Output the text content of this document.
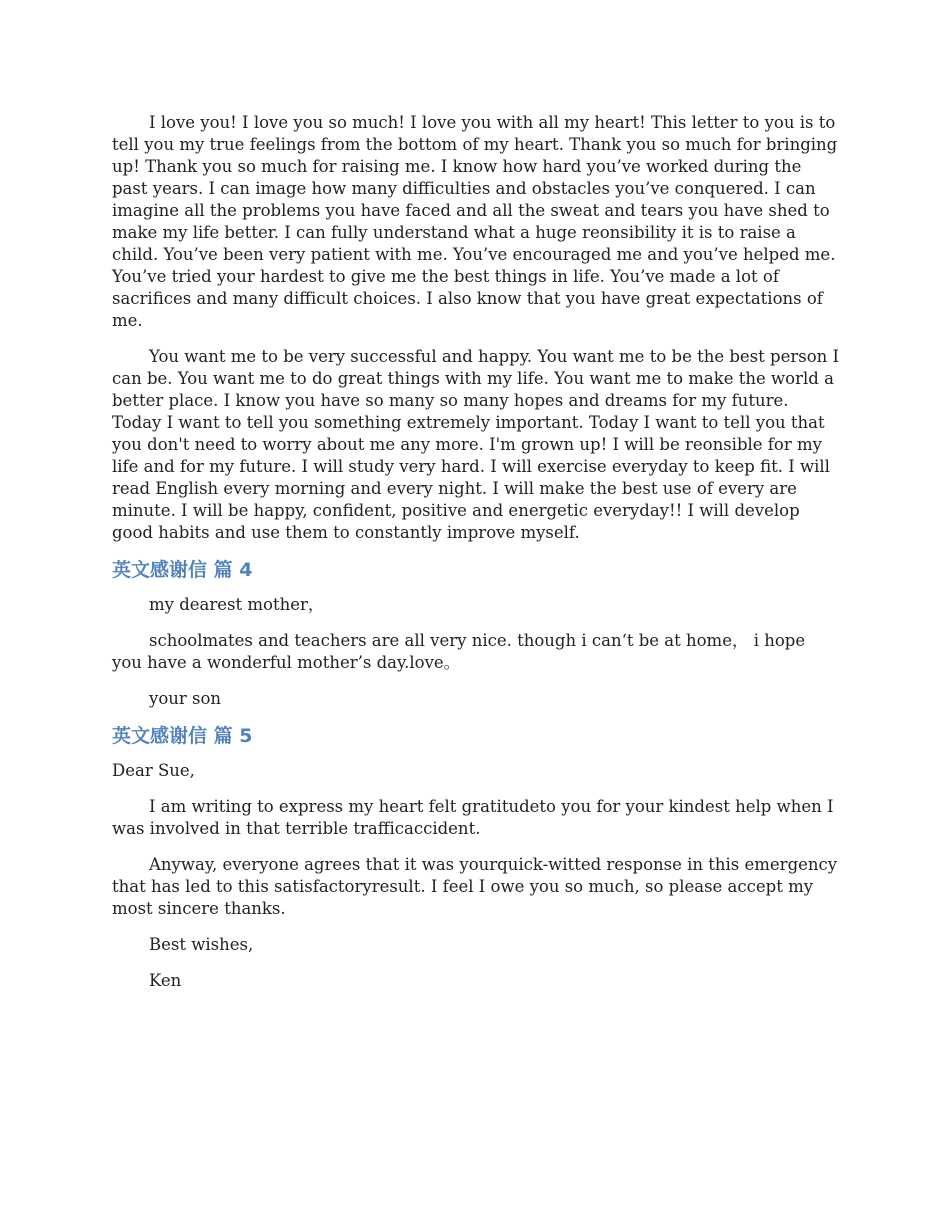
I love you! I love you so much! I love you with all my heart! This letter to you is to tell you my true feelings from the bottom of my heart. Thank you so much for bringing up! Thank you so much for raising me. I know how hard you’ve worked during the past years. I can image how many difficulties and obstacles you’ve conquered. I can imagine all the problems you have faced and all the sweat and tears you have shed to make my life better. I can fully understand what a huge reonsibility it is to raise a child. You’ve been very patient with me. You’ve encouraged me and you’ve helped me. You’ve tried your hardest to give me the best things in life. You’ve made a lot of sacrifices and many difficult choices. I also know that you have great expectations of me.

You want me to be very successful and happy. You want me to be the best person I can be. You want me to do great things with my life. You want me to make the world a better place. I know you have so many so many hopes and dreams for my future. Today I want to tell you something extremely important. Today I want to tell you that you don't need to worry about me any more. I'm grown up! I will be reonsible for my life and for my future. I will study very hard. I will exercise everyday to keep fit. I will read English every morning and every night. I will make the best use of every are minute. I will be happy, confident, positive and energetic everyday!! I will develop good habits and use them to constantly improve myself.

英文感谢信 篇 4

my dearest mother，

schoolmates and teachers are all very nice. though i can‘t be at home， i hope you have a wonderful mother’s day.love。

your son

英文感谢信 篇 5

Dear Sue,

I am writing to express my heart felt gratitudeto you for your kindest help when I was involved in that terrible trafficaccident.

Anyway, everyone agrees that it was yourquick-witted response in this emergency that has led to this satisfactoryresult. I feel I owe you so much, so please accept my most sincere thanks.

Best wishes,

Ken
